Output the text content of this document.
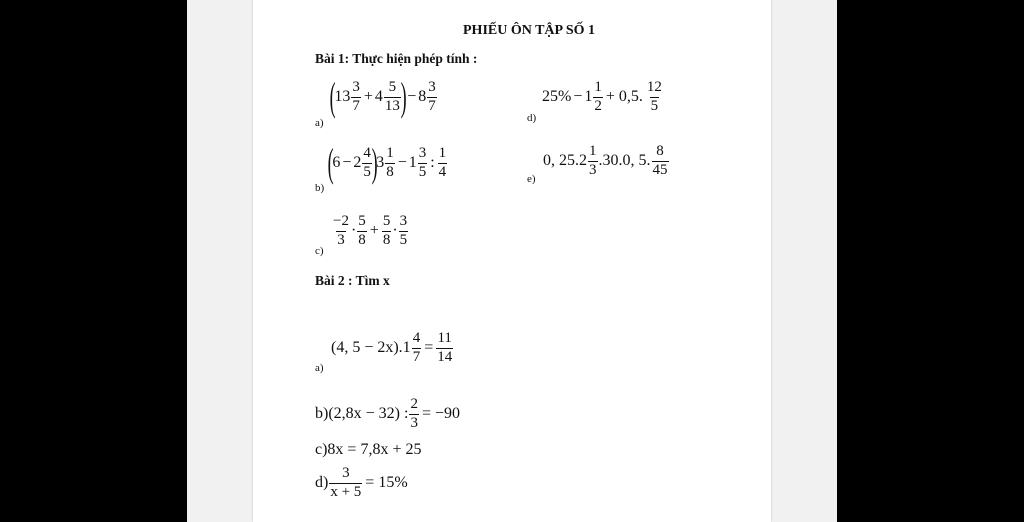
PHIẾU ÔN TẬP SỐ 1
Bài 1: Thực hiện phép tính :
a)
(
$13 \frac{3}{7} + 4 \frac{5}{13}$ ) − $8 \frac{3}{7}$
d)
$25\% - 1 \frac{1}{2} + 0,5$. $\frac{12}{5}$
b)
(
$6 - 2 \frac{4}{5}$ )
$3 \frac{1}{8} - 1 \frac{3}{5}$ : $\frac{1}{4}$	e)
0, $25.2 \frac{1}{3} .30.0$, 5. $\frac{8}{45}$
c)
$\frac{-2}{3} \cdot \frac{5}{8} + \frac{5}{8} \cdot \frac{3}{5}$
Bài 2 : Tìm x
a)
(4, $5 - 2x).1 \frac{4}{7} = \frac{11}{14}$
b)(2,8x − 32) : $\frac{2}{3} = -90$
c)8x = 7,8x + 25
$d) \frac{3}{x + 5} = 15\%$
